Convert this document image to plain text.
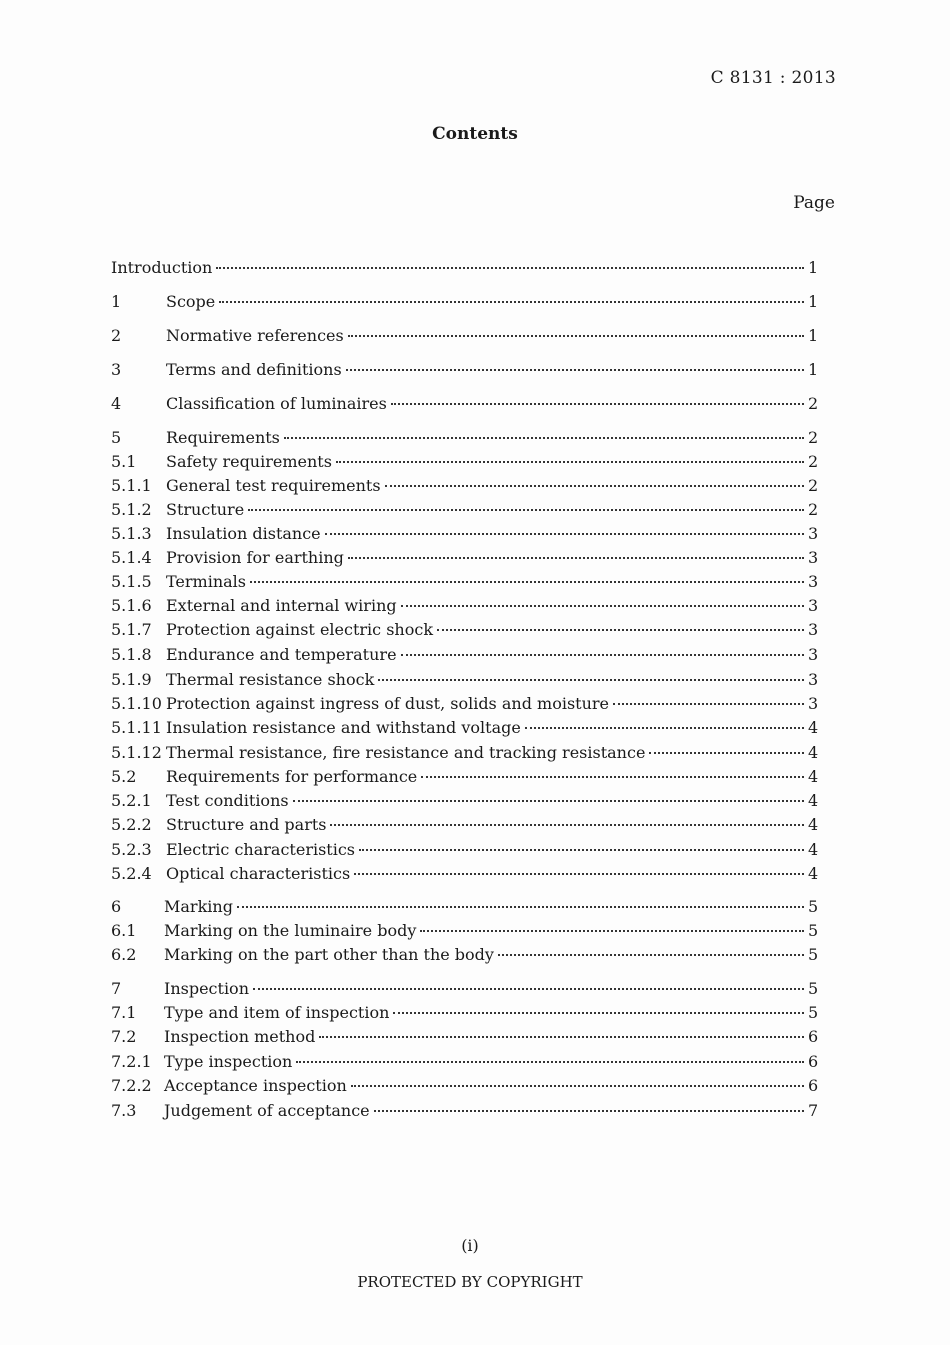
C 8131 : 2013
Contents
Page
Introduction	1
1	Scope	1
2	Normative references	1
3	Terms and definitions	1
4	Classification of luminaires	2
5	Requirements	2
5.1	Safety requirements	2
5.1.1 General test requirements	2
5.1.2 Structure	2
5.1.3 Insulation distance	3
5.1.4 Provision for earthing	3
5.1.5 Terminals	3
5.1.6 External and internal wiring	3
5.1.7 Protection against electric shock	3
5.1.8 Endurance and temperature	3
5.1.9 Thermal resistance shock	3
5.1.10 Protection against ingress of dust, solids and moisture	3
5.1.11 Insulation resistance and withstand voltage	4
5.1.12 Thermal resistance, fire resistance and tracking resistance	4
5.2	Requirements for performance	4
5.2.1 Test conditions	4
5.2.2 Structure and parts	4
5.2.3 Electric characteristics	4
5.2.4 Optical characteristics	4
6	Marking	5
6.1	Marking on the luminaire body	5
6.2	Marking on the part other than the body	5
7	Inspection	5
7.1	Type and item of inspection	5
7.2	Inspection method	6
7.2.1 Type inspection	6
7.2.2 Acceptance inspection	6
7.3	Judgement of acceptance	7
(i)
PROTECTED BY COPYRIGHT
